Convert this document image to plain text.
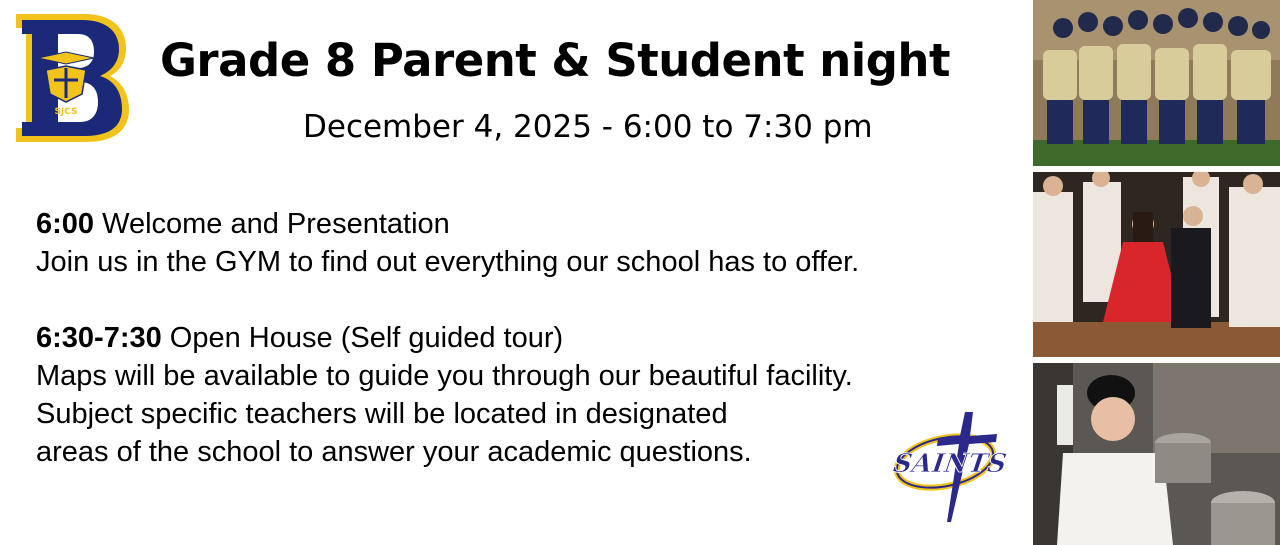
SJCS
Grade 8 Parent & Student night

December 4, 2025 - 6:00 to 7:30 pm

6:00 Welcome and Presentation

Join us in the GYM to find out everything our school has to offer.

6:30-7:30 Open House (Self guided tour)

Maps will be available to guide you through our beautiful facility.

Subject specific teachers will be located in designated

areas of the school to answer your academic questions.	SAINTS
